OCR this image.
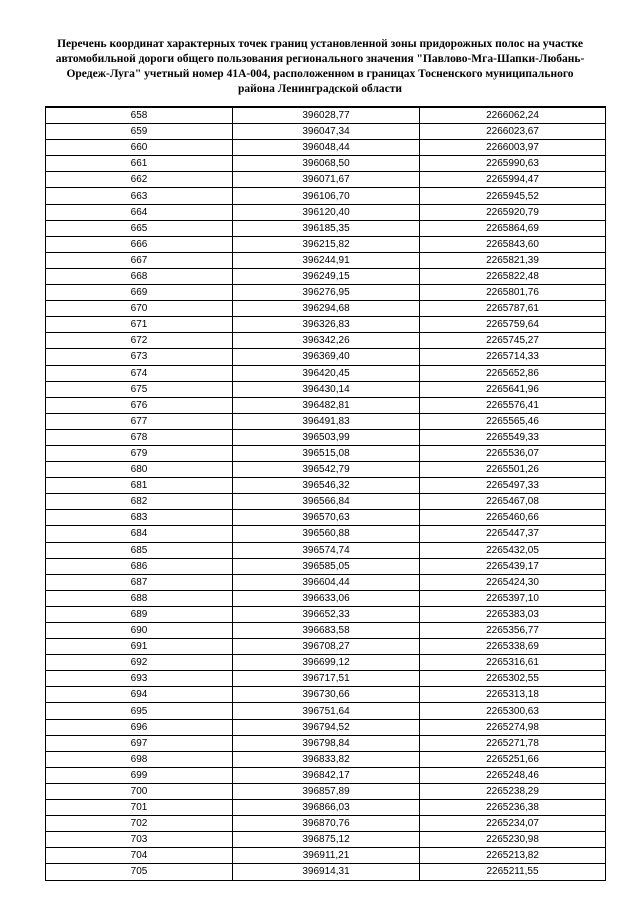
Перечень координат характерных точек границ установленной зоны придорожных полос на участке
автомобильной дороги общего пользования регионального значения "Павлово-Мга-Шапки-Любань-
Оредеж-Луга" учетный номер 41А-004, расположенном в границах Тосненского муниципального
района Ленинградской области
658	396028,77	2266062,24
659	396047,34	2266023,67
660	396048,44	2266003,97
661	396068,50	2265990,63
662	396071,67	2265994,47
663	396106,70	2265945,52
664	396120,40	2265920,79
665	396185,35	2265864,69
666	396215,82	2265843,60
667	396244,91	2265821,39
668	396249,15	2265822,48
669	396276,95	2265801,76
670	396294,68	2265787,61
671	396326,83	2265759,64
672	396342,26	2265745,27
673	396369,40	2265714,33
674	396420,45	2265652,86
675	396430,14	2265641,96
676	396482,81	2265576,41
677	396491,83	2265565,46
678	396503,99	2265549,33
679	396515,08	2265536,07
680	396542,79	2265501,26
681	396546,32	2265497,33
682	396566,84	2265467,08
683	396570,63	2265460,66
684	396560,88	2265447,37
685	396574,74	2265432,05
686	396585,05	2265439,17
687	396604,44	2265424,30
688	396633,06	2265397,10
689	396652,33	2265383,03
690	396683,58	2265356,77
691	396708,27	2265338,69
692	396699,12	2265316,61
693	396717,51	2265302,55
694	396730,66	2265313,18
695	396751,64	2265300,63
696	396794,52	2265274,98
697	396798,84	2265271,78
698	396833,82	2265251,66
699	396842,17	2265248,46
700	396857,89	2265238,29
701	396866,03	2265236,38
702	396870,76	2265234,07
703	396875,12	2265230,98
704	396911,21	2265213,82
705	396914,31	2265211,55
